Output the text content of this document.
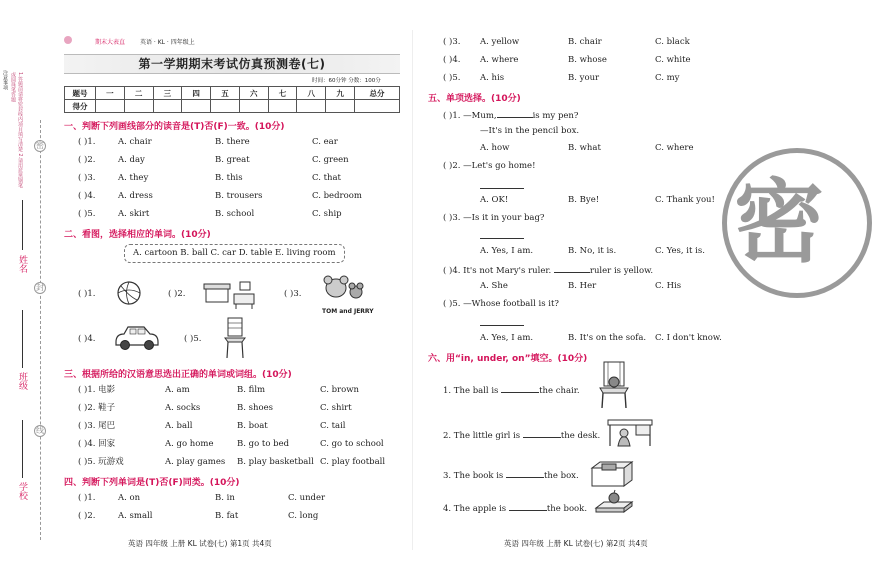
注意事项	1.答题前请将密封线内项目填写清楚 2.请用蓝黑钢笔或圆珠笔答题
密
封
线
姓名
班级
学校
期末大表直 英语 · KL · 四年级上
第一学期期末考试仿真预测卷(七)
时间：60分钟 分数：100分
题号	一	二	三	四	五	六	七	八	九	总分
得分										
一、判断下列画线部分的读音是(T)否(F)一致。(10分)
( )1.	A. chair	B. there	C. ear
( )2.	A. day	B. great	C. green
( )3.	A. they	B. this	C. that
( )4.	A. dress	B. trousers	C. bedroom
( )5.	A. skirt	B. school	C. ship
二、看图，选择相应的单词。(10分)
A. cartoon B. ball C. car D. table E. living room
( )1.	( )2.	( )3.
TOM and JERRY
( )4.	( )5.
三、根据所给的汉语意思选出正确的单词或词组。(10分)
( )1. 电影	A. am	B. film	C. brown
( )2. 鞋子	A. socks	B. shoes	C. shirt
( )3. 尾巴	A. ball	B. boat	C. tail
( )4. 回家	A. go home	B. go to bed	C. go to school
( )5. 玩游戏	A. play games B. play basketball C. play football
四、判断下列单词是(T)否(F)同类。(10分)
( )1.	A. on	B. in	C. under
( )2.	A. small	B. fat	C. long
英语 四年级 上册 KL 试卷(七) 第1页 共4页
( )3. A. yellow	B. chair	C. black
( )4. A. where	B. whose	C. white
( )5. A. his	B. your	C. my
五、单项选择。(10分)
( )1. —Mum,	is my pen?
—It's in the pencil box.
A. how	B. what	C. where
( )2. —Let's go home!
A. OK!	B. Bye!	C. Thank you!
( )3. —Is it in your bag?
A. Yes, I am.	B. No, it is.	C. Yes, it is.
( )4. It's not Mary's ruler.	ruler is yellow.
A. She	B. Her	C. His
( )5. —Whose football is it?
A. Yes, I am.	B. It's on the sofa. C. I don't know.
六、用“in, under, on”填空。(10分)
1. The ball is	the chair.
2. The little girl is	the desk.
3. The book is	the box.
4. The apple is	the book.
密
英语 四年级 上册 KL 试卷(七) 第2页 共4页
